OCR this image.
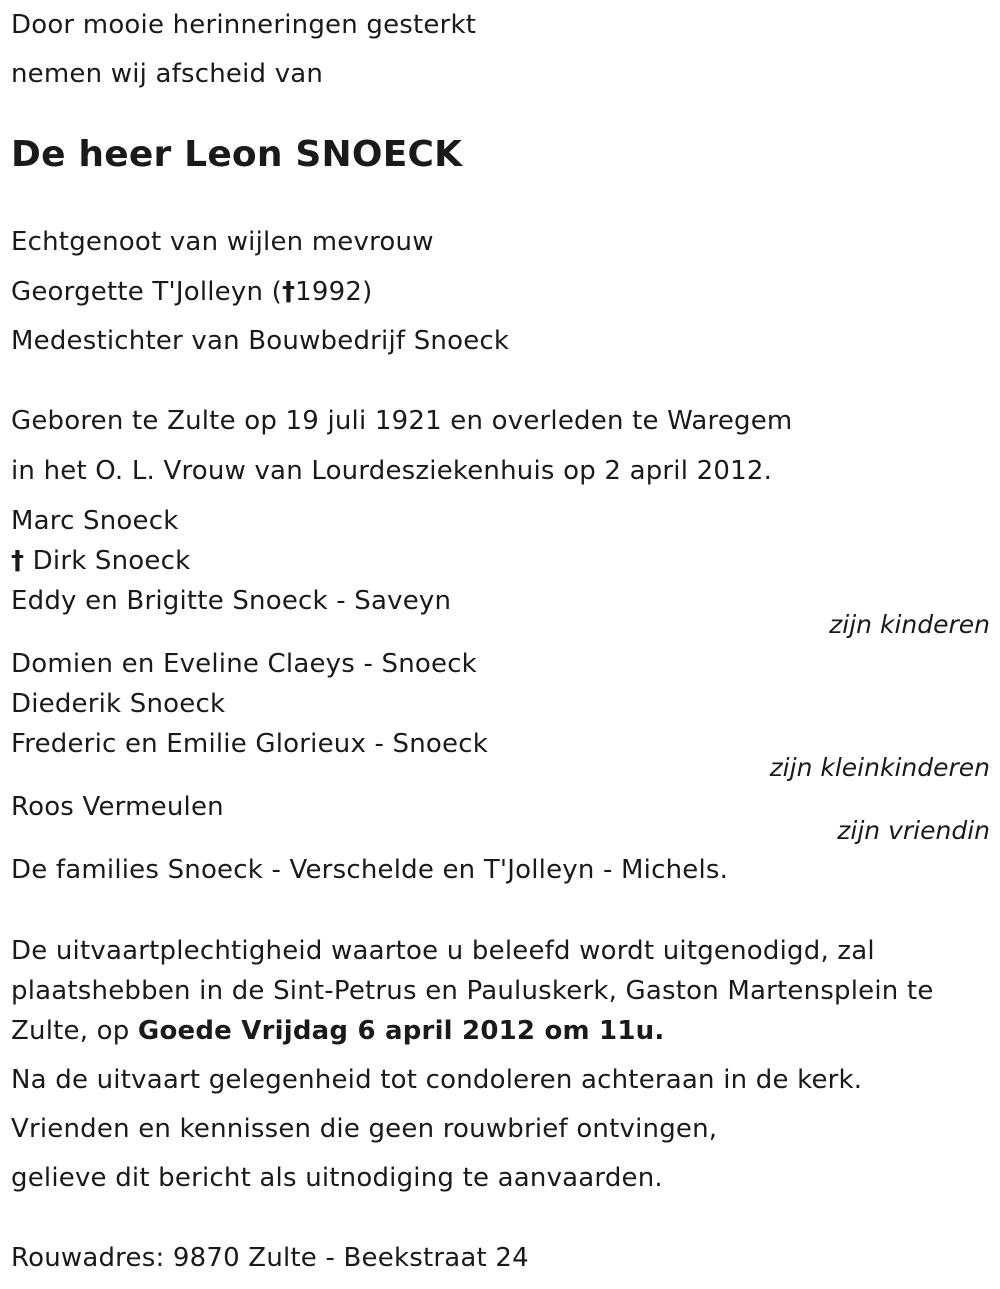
Door mooie herinneringen gesterkt
nemen wij afscheid van
De heer Leon SNOECK
Echtgenoot van wijlen mevrouw
Georgette T'Jolleyn (†1992)
Medestichter van Bouwbedrijf Snoeck
Geboren te Zulte op 19 juli 1921 en overleden te Waregem
in het O. L. Vrouw van Lourdesziekenhuis op 2 april 2012.
Marc Snoeck
† Dirk Snoeck
Eddy en Brigitte Snoeck - Saveyn
zijn kinderen
Domien en Eveline Claeys - Snoeck
Diederik Snoeck
Frederic en Emilie Glorieux - Snoeck
zijn kleinkinderen
Roos Vermeulen
zijn vriendin
De families Snoeck - Verschelde en T'Jolleyn - Michels.
De uitvaartplechtigheid waartoe u beleefd wordt uitgenodigd, zal
plaatshebben in de Sint-Petrus en Pauluskerk, Gaston Martensplein te
Zulte, op Goede Vrijdag 6 april 2012 om 11u.
Na de uitvaart gelegenheid tot condoleren achteraan in de kerk.
Vrienden en kennissen die geen rouwbrief ontvingen,
gelieve dit bericht als uitnodiging te aanvaarden.
Rouwadres: 9870 Zulte - Beekstraat 24
